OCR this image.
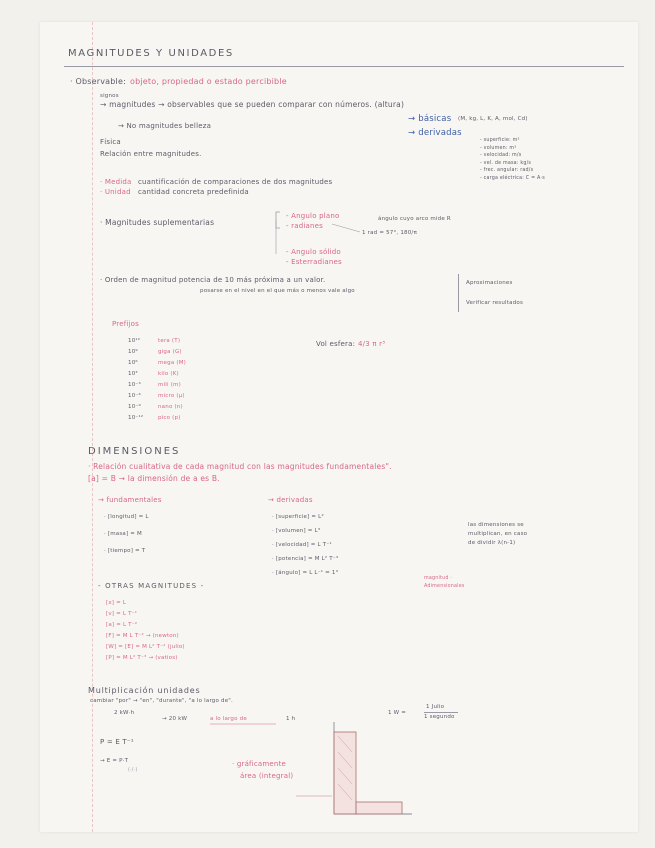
MAGNITUDES Y UNIDADES
· Observable: objeto, propiedad o estado percibible
signos
→ magnitudes → observables que se pueden comparar con números. (altura)
→ No magnitudes belleza
→ básicas (M, kg, L, K, A, mol, Cd)
→ derivadas
- superficie: m²
- volumen: m³
- velocidad: m/s
- vel. de masa: kg/s
- frec. angular: rad/s
- carga eléctrica: C = A·s
Física
Relación entre magnitudes.
· Medida cuantificación de comparaciones de dos magnitudes
· Unidad cantidad concreta predefinida
· Magnitudes suplementarias
- Angulo plano
- radianes
ángulo cuyo arco mide R
1 rad = 57°, 180/π
- Angulo sólido
- Esterradianes
· Orden de magnitud potencia de 10 más próxima a un valor.
posarse en el nivel en el que más o menos vale algo
Aproximaciones
Verificar resultados
Prefijos
10¹²	tera (T)
10⁹	giga (G)
10⁶	mega (M)
10³	kilo (K)
10⁻³	mili (m)
10⁻⁶	micro (µ)
10⁻⁹	nano (n)
10⁻¹²	pico (p)
Vol esfera: 4/3 π r³
DIMENSIONES
· Relación cualitativa de cada magnitud con las magnitudes fundamentales".
[a] = B → la dimensión de a es B.
→ fundamentales	→ derivadas
· [longitud] = L
· [masa] = M
· [tiempo] = T
· [superficie] = L²
· [volumen] = L³
· [velocidad] = L T⁻¹
· [potencia] = M L² T⁻³
· [ángulo] = L L⁻¹ = 1°
las dimensiones se
multiplican, en caso
de dividir λ(n-1)
magnitud ·
Adimensionales
- OTRAS MAGNITUDES -
[x] = L
[v] = L T⁻¹
[a] = L T⁻²
[F] = M L T⁻² → (newton)
[W] = [E] = M L² T⁻² (julio)
[P] = M L² T⁻³ → (vatios)
Multiplicación unidades
cambiar "por" → "en", "durante", "a lo largo de".
2 kW·h
→ 20 kW	a lo largo de	1 h
1 W =
1 Julio
1 segundo
P = E T⁻¹
→ E = P·T
(·/·)
· gráficamente
área (integral)
